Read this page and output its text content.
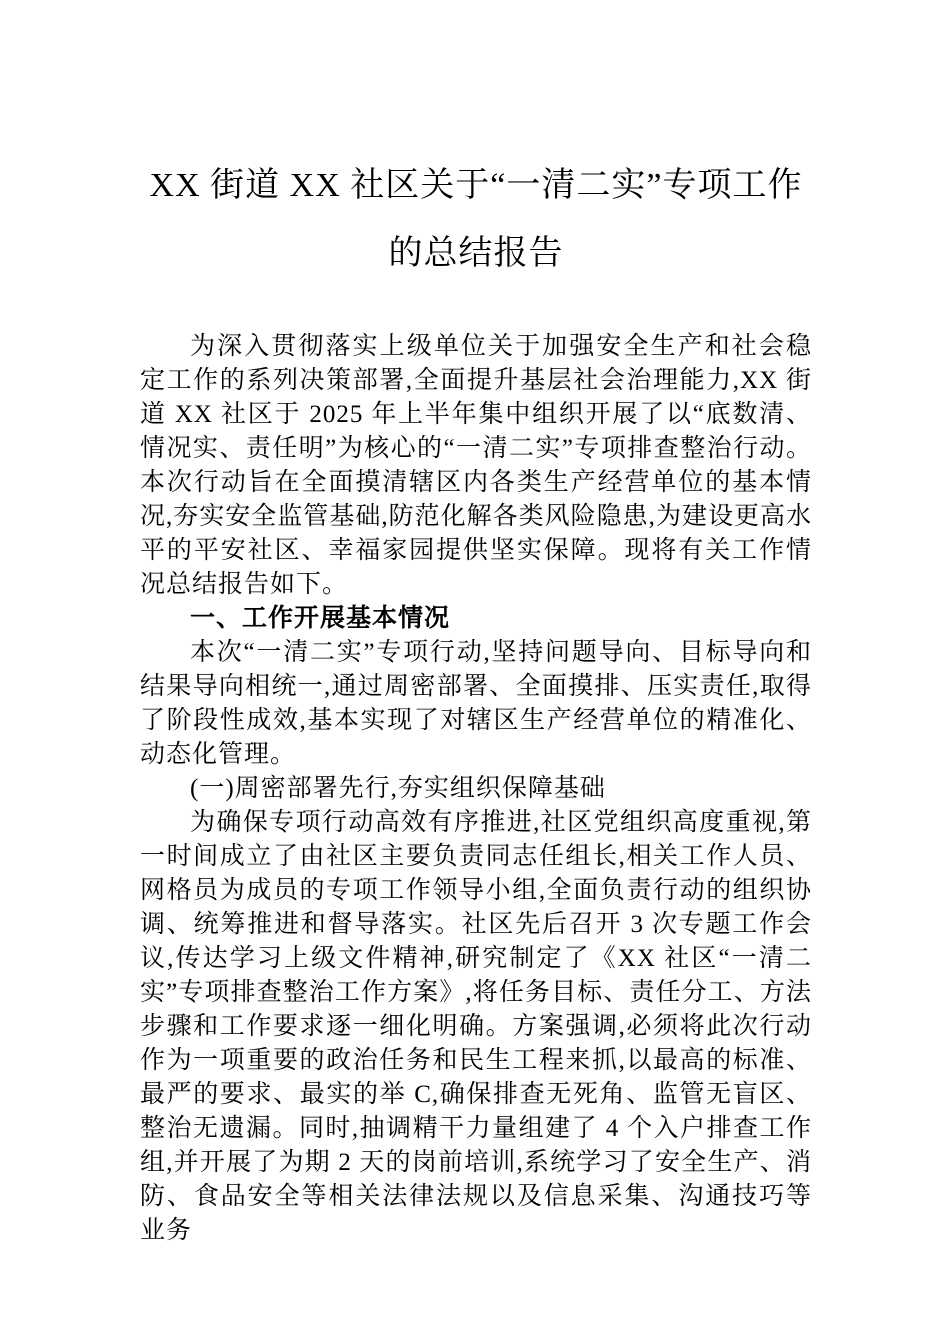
XX 街道 XX 社区关于“一清二实”专项工作
的总结报告

为深入贯彻落实上级单位关于加强安全生产和社会稳定工作的系列决策部署,全面提升基层社会治理能力,XX 街道 XX 社区于 2025 年上半年集中组织开展了以“底数清、情况实、责任明”为核心的“一清二实”专项排查整治行动。本次行动旨在全面摸清辖区内各类生产经营单位的基本情况,夯实安全监管基础,防范化解各类风险隐患,为建设更高水平的平安社区、幸福家园提供坚实保障。现将有关工作情况总结报告如下。

一、工作开展基本情况

本次“一清二实”专项行动,坚持问题导向、目标导向和结果导向相统一,通过周密部署、全面摸排、压实责任,取得了阶段性成效,基本实现了对辖区生产经营单位的精准化、动态化管理。

(一)周密部署先行,夯实组织保障基础

为确保专项行动高效有序推进,社区党组织高度重视,第一时间成立了由社区主要负责同志任组长,相关工作人员、网格员为成员的专项工作领导小组,全面负责行动的组织协调、统筹推进和督导落实。社区先后召开 3 次专题工作会议,传达学习上级文件精神,研究制定了《XX 社区“一清二实”专项排查整治工作方案》,将任务目标、责任分工、方法步骤和工作要求逐一细化明确。方案强调,必须将此次行动作为一项重要的政治任务和民生工程来抓,以最高的标准、最严的要求、最实的举 C,确保排查无死角、监管无盲区、整治无遗漏。同时,抽调精干力量组建了 4 个入户排查工作组,并开展了为期 2 天的岗前培训,系统学习了安全生产、消防、食品安全等相关法律法规以及信息采集、沟通技巧等业务
